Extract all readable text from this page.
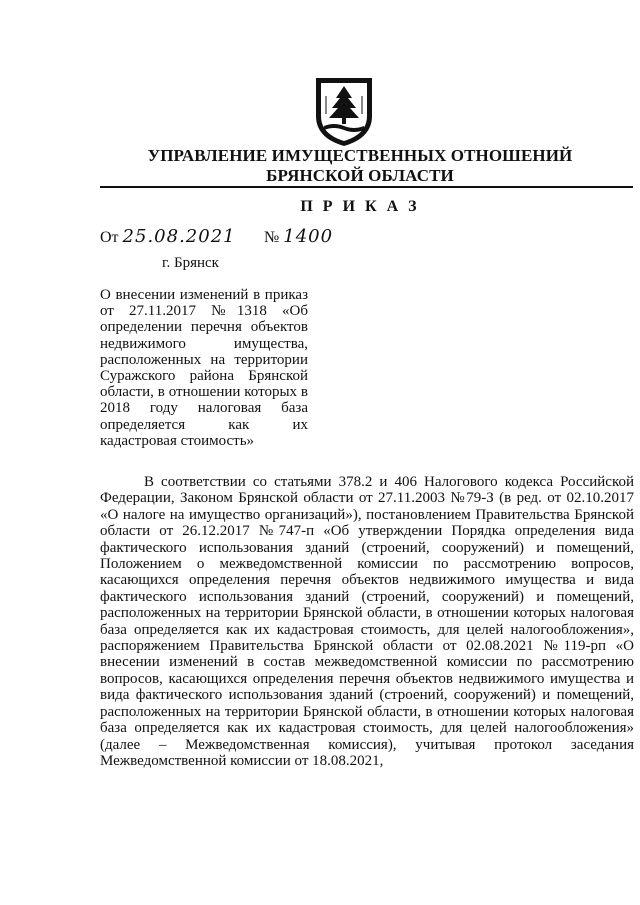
УПРАВЛЕНИЕ ИМУЩЕСТВЕННЫХ ОТНОШЕНИЙ
БРЯНСКОЙ ОБЛАСТИ
П Р И К А З
От 25.08.2021 № 1400
г. Брянск
О внесении изменений в приказ от 27.11.2017 №1318 «Об определении перечня объектов недвижимого имущества, расположенных на территории Суражского района Брянской области, в отношении которых в 2018 году налоговая база определяется как их кадастровая стоимость»
В соответствии со статьями 378.2 и 406 Налогового кодекса Российской Федерации, Законом Брянской области от 27.11.2003 №79-З (в ред. от 02.10.2017 «О налоге на имущество организаций»), постановлением Правительства Брянской области от 26.12.2017 №747-п «Об утверждении Порядка определения вида фактического использования зданий (строений, сооружений) и помещений, Положением о межведомственной комиссии по рассмотрению вопросов, касающихся определения перечня объектов недвижимого имущества и вида фактического использования зданий (строений, сооружений) и помещений, расположенных на территории Брянской области, в отношении которых налоговая база определяется как их кадастровая стоимость, для целей налогообложения», распоряжением Правительства Брянской области от 02.08.2021 №119-рп «О внесении изменений в состав межведомственной комиссии по рассмотрению вопросов, касающихся определения перечня объектов недвижимого имущества и вида фактического использования зданий (строений, сооружений) и помещений, расположенных на территории Брянской области, в отношении которых налоговая база определяется как их кадастровая стоимость, для целей налогообложения» (далее – Межведомственная комиссия), учитывая протокол заседания Межведомственной комиссии от 18.08.2021,
